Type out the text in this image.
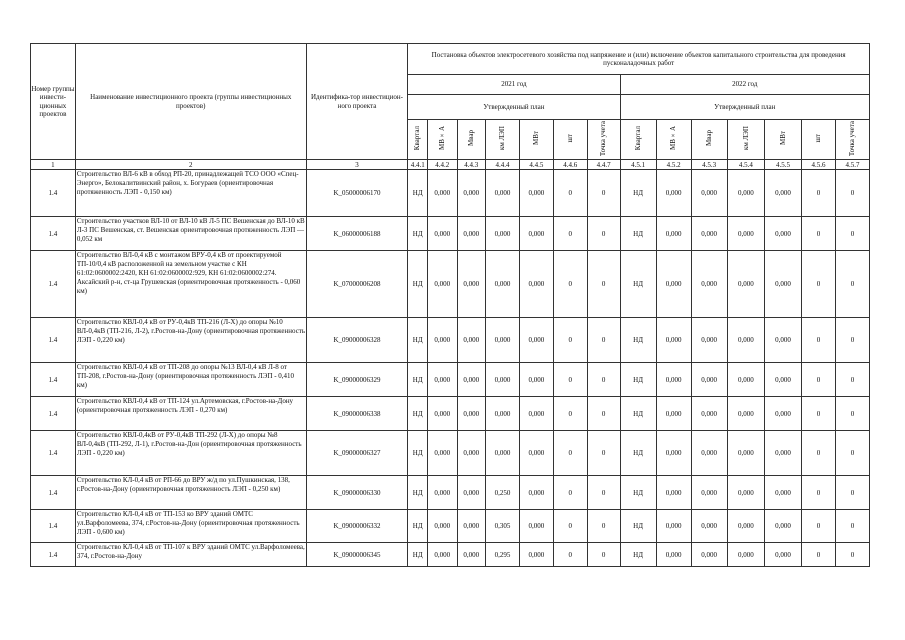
Номер группы инвести-ционных проектов	Наименование инвестиционного проекта (группы инвестиционных проектов)	Идентифика-тор инвестицион-ного проекта	Постановка объектов электросетевого хозяйства под напряжение и (или) включение объектов капитального строительства для проведения пусконаладочных работ													
			2021 год							2022 год						
			Утвержденный план							Утвержденный план						
			Квартал	МВ×А	Мвар	км ЛЭП	МВт	шт	Точка учета	Квартал	МВ×А	Мвар	км ЛЭП	МВт	шт	Точка учета
1	2	3	4.4.1	4.4.2	4.4.3	4.4.4	4.4.5	4.4.6	4.4.7	4.5.1	4.5.2	4.5.3	4.5.4	4.5.5	4.5.6	4.5.7
1.4	Строительство ВЛ-6 кВ в обход РП-20, принадлежащей ТСО ООО «Спец-Энерго», Белокалитвинский район, х. Богураев (ориентировочная протяженность ЛЭП - 0,150 км)	K_05000006170	НД	0,000	0,000	0,000	0,000	0	0	НД	0,000	0,000	0,000	0,000	0	0
1.4	Строительство участков ВЛ-10 от ВЛ-10 кВ Л-5 ПС Вешенская до ВЛ-10 кВ Л-3 ПС Вешенская, ст. Вешенская ориентировочная протяженность ЛЭП — 0,052 км	K_06000006188	НД	0,000	0,000	0,000	0,000	0	0	НД	0,000	0,000	0,000	0,000	0	0
1.4	Строительство ВЛ-0,4 кВ с монтажом ВРУ-0,4 кВ от проектируемой ТП-10/0,4 кВ расположенной на земельном участке с КН 61:02:0600002:2420, КН 61:02:0600002:929, КН 61:02:0600002:274. Аксайский р-н, ст-ца Грушевская (ориентировочная протяженность - 0,060 км)	K_07000006208	НД	0,000	0,000	0,000	0,000	0	0	НД	0,000	0,000	0,000	0,000	0	0
1.4	Строительство КВЛ-0,4 кВ от РУ-0,4кВ ТП-216 (Л-Х) до опоры №10 ВЛ-0,4кВ (ТП-216, Л-2), г.Ростов-на-Дону (ориентировочная протяженность ЛЭП - 0,220 км)	K_09000006328	НД	0,000	0,000	0,000	0,000	0	0	НД	0,000	0,000	0,000	0,000	0	0
1.4	Строительство КВЛ-0,4 кВ от ТП-208 до опоры №13 ВЛ-0,4 кВ Л-8 от ТП-208, г.Ростов-на-Дону (ориентировочная протяженность ЛЭП - 0,410 км)	K_09000006329	НД	0,000	0,000	0,000	0,000	0	0	НД	0,000	0,000	0,000	0,000	0	0
1.4	Строительство КВЛ-0,4 кВ от ТП-124 ул.Артемовская, г.Ростов-на-Дону (ориентировочная протяженность ЛЭП - 0,270 км)	K_09000006338	НД	0,000	0,000	0,000	0,000	0	0	НД	0,000	0,000	0,000	0,000	0	0
1.4	Строительство КВЛ-0,4кВ от РУ-0,4кВ ТП-292 (Л-Х) до опоры №8 ВЛ-0,4кВ (ТП-292, Л-1), г.Ростов-на-Дон (ориентировочная протяженность ЛЭП - 0,220 км)	K_09000006327	НД	0,000	0,000	0,000	0,000	0	0	НД	0,000	0,000	0,000	0,000	0	0
1.4	Строительство КЛ-0,4 кВ от РП-66 до ВРУ ж/д по ул.Пушкинская, 138, г.Ростов-на-Дону (ориентировочная протяженность ЛЭП - 0,250 км)	K_09000006330	НД	0,000	0,000	0,250	0,000	0	0	НД	0,000	0,000	0,000	0,000	0	0
1.4	Строительство КЛ-0,4 кВ от ТП-153 ко ВРУ зданий ОМТС ул.Варфоломеева, 374, г.Ростов-на-Дону (ориентировочная протяженность ЛЭП - 0,600 км)	K_09000006332	НД	0,000	0,000	0,305	0,000	0	0	НД	0,000	0,000	0,000	0,000	0	0
1.4	Строительство КЛ-0,4 кВ от ТП-107 к ВРУ зданий ОМТС ул.Варфоломеева, 374, г.Ростов-на-Дону	K_09000006345	НД	0,000	0,000	0,295	0,000	0	0	НД	0,000	0,000	0,000	0,000	0	0
